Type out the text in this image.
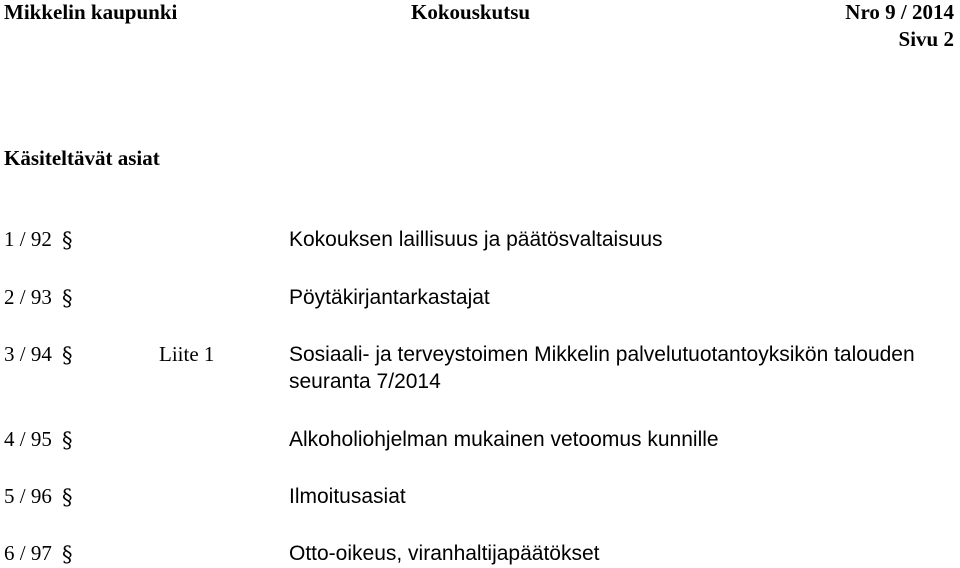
Mikkelin kaupunki	Kokouskutsu	Nro 9 / 2014
Sivu 2
Käsiteltävät asiat
1 / 92 §	Kokouksen laillisuus ja päätösvaltaisuus
2 / 93 §	Pöytäkirjantarkastajat
3 / 94 §	Liite 1	Sosiaali- ja terveystoimen Mikkelin palvelutuotantoyksikön talouden seuranta 7/2014
4 / 95 §	Alkoholiohjelman mukainen vetoomus kunnille
5 / 96 §	Ilmoitusasiat
6 / 97 §	Otto-oikeus, viranhaltijapäätökset
